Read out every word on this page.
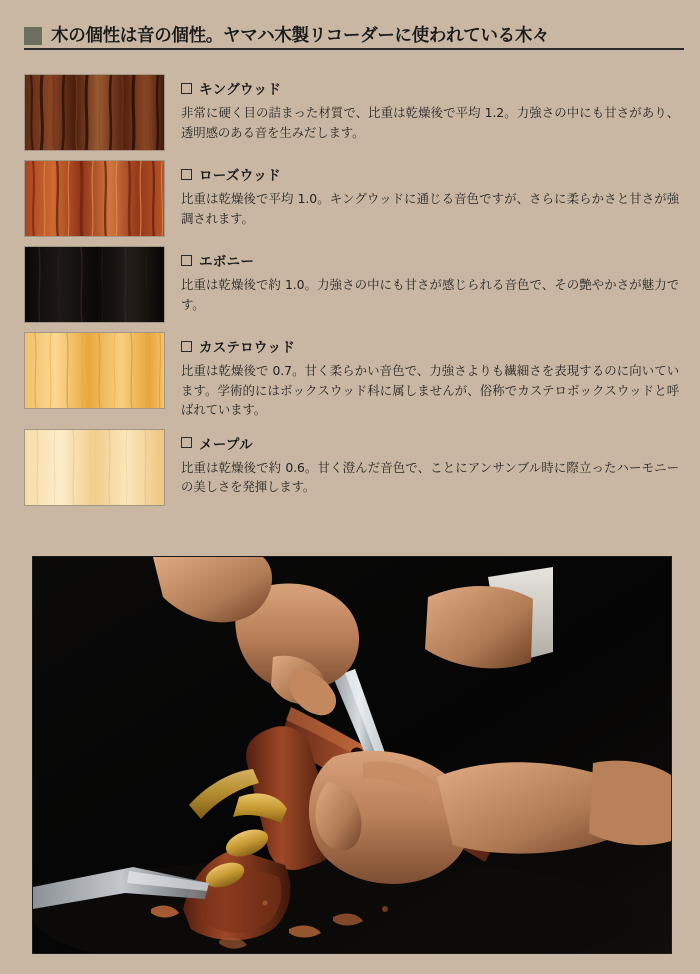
木の個性は音の個性。ヤマハ木製リコーダーに使われている木々
キングウッド
非常に硬く目の詰まった材質で、比重は乾燥後で平均 1.2。力強さの中にも甘さがあり、透明感のある音を生みだします。
ローズウッド
比重は乾燥後で平均 1.0。キングウッドに通じる音色ですが、さらに柔らかさと甘さが強調されます。
エボニー
比重は乾燥後で約 1.0。力強さの中にも甘さが感じられる音色で、その艶やかさが魅力です。
カステロウッド
比重は乾燥後で 0.7。甘く柔らかい音色で、力強さよりも繊細さを表現するのに向いています。学術的にはボックスウッド科に属しませんが、俗称でカステロボックスウッドと呼ばれています。
メープル
比重は乾燥後で約 0.6。甘く澄んだ音色で、ことにアンサンブル時に際立ったハーモニーの美しさを発揮します。
